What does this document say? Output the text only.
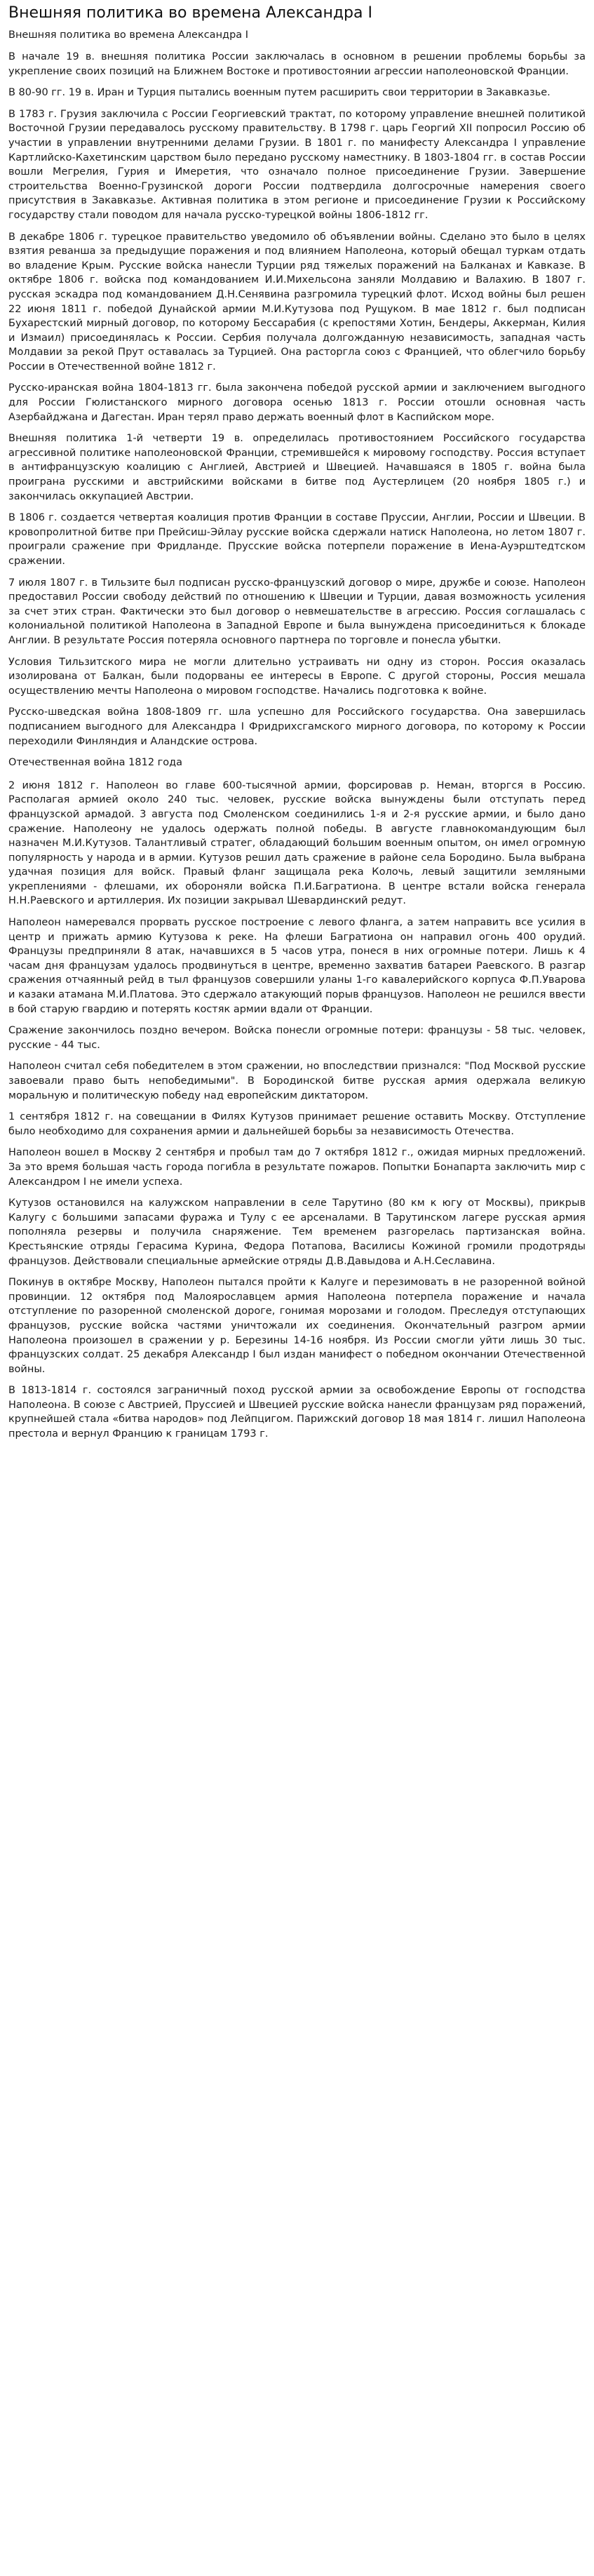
Внешняя политика во времена Александра I
Внешняя политика во времена Александра I

В начале 19 в. внешняя политика России заключалась в основном в решении проблемы борьбы за укрепление своих позиций на Ближнем Востоке и противостоянии агрессии наполеоновской Франции.

В 80-90 гг. 19 в. Иран и Турция пытались военным путем расширить свои территории в Закавказье.

В 1783 г. Грузия заключила с России Георгиевский трактат, по которому управление внешней политикой Восточной Грузии передавалось русскому правительству. В 1798 г. царь Георгий XII попросил Россию об участии в управлении внутренними делами Грузии. В 1801 г. по манифесту Александра I управление Картлийско-Кахетинским царством было передано русскому наместнику. В 1803-1804 гг. в состав России вошли Мегрелия, Гурия и Имеретия, что означало полное присоединение Грузии. Завершение строительства Военно-Грузинской дороги России подтвердила долгосрочные намерения своего присутствия в Закавказье. Активная политика в этом регионе и присоединение Грузии к Российскому государству стали поводом для начала русско-турецкой войны 1806-1812 гг.

В декабре 1806 г. турецкое правительство уведомило об объявлении войны. Сделано это было в целях взятия реванша за предыдущие поражения и под влиянием Наполеона, который обещал туркам отдать во владение Крым. Русские войска нанесли Турции ряд тяжелых поражений на Балканах и Кавказе. В октябре 1806 г. войска под командованием И.И.Михельсона заняли Молдавию и Валахию. В 1807 г. русская эскадра под командованием Д.Н.Сенявина разгромила турецкий флот. Исход войны был решен 22 июня 1811 г. победой Дунайской армии М.И.Кутузова под Рущуком. В мае 1812 г. был подписан Бухарестский мирный договор, по которому Бессарабия (с крепостями Хотин, Бендеры, Аккерман, Килия и Измаил) присоединялась к России. Сербия получала долгожданную независимость, западная часть Молдавии за рекой Прут оставалась за Турцией. Она расторгла союз с Францией, что облегчило борьбу России в Отечественной войне 1812 г.

Русско-иранская война 1804-1813 гг. была закончена победой русской армии и заключением выгодного для России Гюлистанского мирного договора осенью 1813 г. России отошли основная часть Азербайджана и Дагестан. Иран терял право держать военный флот в Каспийском море.

Внешняя политика 1-й четверти 19 в. определилась противостоянием Российского государства агрессивной политике наполеоновской Франции, стремившейся к мировому господству. Россия вступает в антифранцузскую коалицию с Англией, Австрией и Швецией. Начавшаяся в 1805 г. война была проиграна русскими и австрийскими войсками в битве под Аустерлицем (20 ноября 1805 г.) и закончилась оккупацией Австрии.

В 1806 г. создается четвертая коалиция против Франции в составе Пруссии, Англии, России и Швеции. В кровопролитной битве при Прейсиш-Эйлау русские войска сдержали натиск Наполеона, но летом 1807 г. проиграли сражение при Фридланде. Прусские войска потерпели поражение в Иена-Ауэрштедтском сражении.

7 июля 1807 г. в Тильзите был подписан русско-французский договор о мире, дружбе и союзе. Наполеон предоставил России свободу действий по отношению к Швеции и Турции, давая возможность усиления за счет этих стран. Фактически это был договор о невмешательстве в агрессию. Россия соглашалась с колониальной политикой Наполеона в Западной Европе и была вынуждена присоединиться к блокаде Англии. В результате Россия потеряла основного партнера по торговле и понесла убытки.

Условия Тильзитского мира не могли длительно устраивать ни одну из сторон. Россия оказалась изолирована от Балкан, были подорваны ее интересы в Европе. С другой стороны, Россия мешала осуществлению мечты Наполеона о мировом господстве. Начались подготовка к войне.

Русско-шведская война 1808-1809 гг. шла успешно для Российского государства. Она завершилась подписанием выгодного для Александра I Фридрихсгамского мирного договора, по которому к России переходили Финляндия и Аландские острова.

Отечественная война 1812 года

2 июня 1812 г. Наполеон во главе 600-тысячной армии, форсировав р. Неман, вторгся в Россию. Располагая армией около 240 тыс. человек, русские войска вынуждены были отступать перед французской армадой. 3 августа под Смоленском соединились 1-я и 2-я русские армии, и было дано сражение. Наполеону не удалось одержать полной победы. В августе главнокомандующим был назначен М.И.Кутузов. Талантливый стратег, обладающий большим военным опытом, он имел огромную популярность у народа и в армии. Кутузов решил дать сражение в районе села Бородино. Была выбрана удачная позиция для войск. Правый фланг защищала река Колочь, левый защитили земляными укреплениями - флешами, их обороняли войска П.И.Багратиона. В центре встали войска генерала Н.Н.Раевского и артиллерия. Их позиции закрывал Шевардинский редут.

Наполеон намеревался прорвать русское построение с левого фланга, а затем направить все усилия в центр и прижать армию Кутузова к реке. На флеши Багратиона он направил огонь 400 орудий. Французы предприняли 8 атак, начавшихся в 5 часов утра, понеся в них огромные потери. Лишь к 4 часам дня французам удалось продвинуться в центре, временно захватив батареи Раевского. В разгар сражения отчаянный рейд в тыл французов совершили уланы 1-го кавалерийского корпуса Ф.П.Уварова и казаки атамана М.И.Платова. Это сдержало атакующий порыв французов. Наполеон не решился ввести в бой старую гвардию и потерять костяк армии вдали от Франции.

Сражение закончилось поздно вечером. Войска понесли огромные потери: французы - 58 тыс. человек, русские - 44 тыс.

Наполеон считал себя победителем в этом сражении, но впоследствии признался: "Под Москвой русские завоевали право быть непобедимыми". В Бородинской битве русская армия одержала великую моральную и политическую победу над европейским диктатором.

1 сентября 1812 г. на совещании в Филях Кутузов принимает решение оставить Москву. Отступление было необходимо для сохранения армии и дальнейшей борьбы за независимость Отечества.

Наполеон вошел в Москву 2 сентября и пробыл там до 7 октября 1812 г., ожидая мирных предложений. За это время большая часть города погибла в результате пожаров. Попытки Бонапарта заключить мир с Александром I не имели успеха.

Кутузов остановился на калужском направлении в селе Тарутино (80 км к югу от Москвы), прикрыв Калугу с большими запасами фуража и Тулу с ее арсеналами. В Тарутинском лагере русская армия пополняла резервы и получила снаряжение. Тем временем разгорелась партизанская война. Крестьянские отряды Герасима Курина, Федора Потапова, Василисы Кожиной громили продотряды французов. Действовали специальные армейские отряды Д.В.Давыдова и А.Н.Сеславина.

Покинув в октябре Москву, Наполеон пытался пройти к Калуге и перезимовать в не разоренной войной провинции. 12 октября под Малоярославцем армия Наполеона потерпела поражение и начала отступление по разоренной смоленской дороге, гонимая морозами и голодом. Преследуя отступающих французов, русские войска частями уничтожали их соединения. Окончательный разгром армии Наполеона произошел в сражении у р. Березины 14-16 ноября. Из России смогли уйти лишь 30 тыс. французских солдат. 25 декабря Александр I был издан манифест о победном окончании Отечественной войны.

В 1813-1814 г. состоялся заграничный поход русской армии за освобождение Европы от господства Наполеона. В союзе с Австрией, Пруссией и Швецией русские войска нанесли французам ряд поражений, крупнейшей стала «битва народов» под Лейпцигом. Парижский договор 18 мая 1814 г. лишил Наполеона престола и вернул Францию к границам 1793 г.
